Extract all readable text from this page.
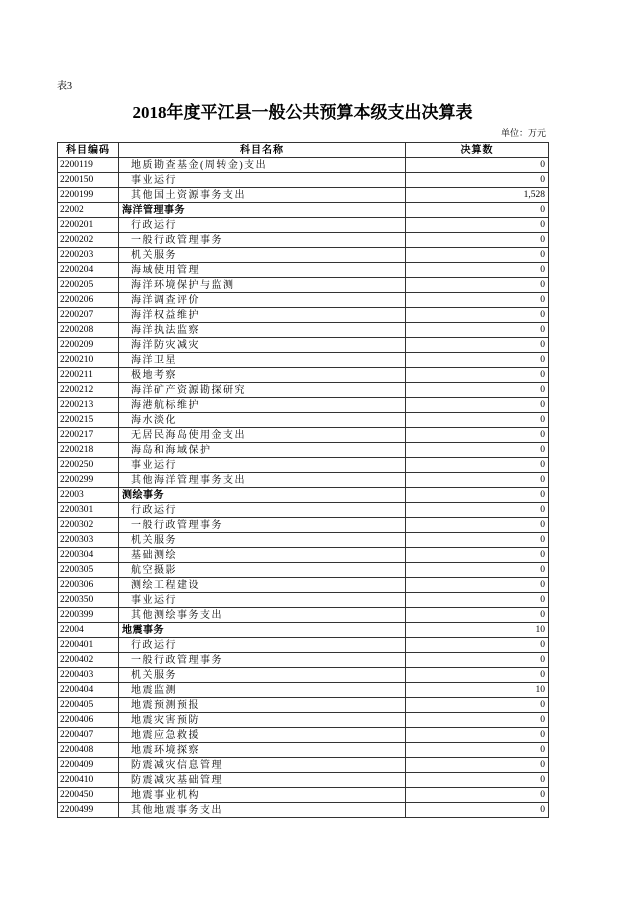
表3
2018年度平江县一般公共预算本级支出决算表
单位：万元
科目编码	科目名称	决算数
2200119	地质勘查基金(周转金)支出	0
2200150	事业运行	0
2200199	其他国土资源事务支出	1,528
22002	海洋管理事务	0
2200201	行政运行	0
2200202	一般行政管理事务	0
2200203	机关服务	0
2200204	海域使用管理	0
2200205	海洋环境保护与监测	0
2200206	海洋调查评价	0
2200207	海洋权益维护	0
2200208	海洋执法监察	0
2200209	海洋防灾减灾	0
2200210	海洋卫星	0
2200211	极地考察	0
2200212	海洋矿产资源勘探研究	0
2200213	海港航标维护	0
2200215	海水淡化	0
2200217	无居民海岛使用金支出	0
2200218	海岛和海域保护	0
2200250	事业运行	0
2200299	其他海洋管理事务支出	0
22003	测绘事务	0
2200301	行政运行	0
2200302	一般行政管理事务	0
2200303	机关服务	0
2200304	基础测绘	0
2200305	航空摄影	0
2200306	测绘工程建设	0
2200350	事业运行	0
2200399	其他测绘事务支出	0
22004	地震事务	10
2200401	行政运行	0
2200402	一般行政管理事务	0
2200403	机关服务	0
2200404	地震监测	10
2200405	地震预测预报	0
2200406	地震灾害预防	0
2200407	地震应急救援	0
2200408	地震环境探察	0
2200409	防震减灾信息管理	0
2200410	防震减灾基础管理	0
2200450	地震事业机构	0
2200499	其他地震事务支出	0
